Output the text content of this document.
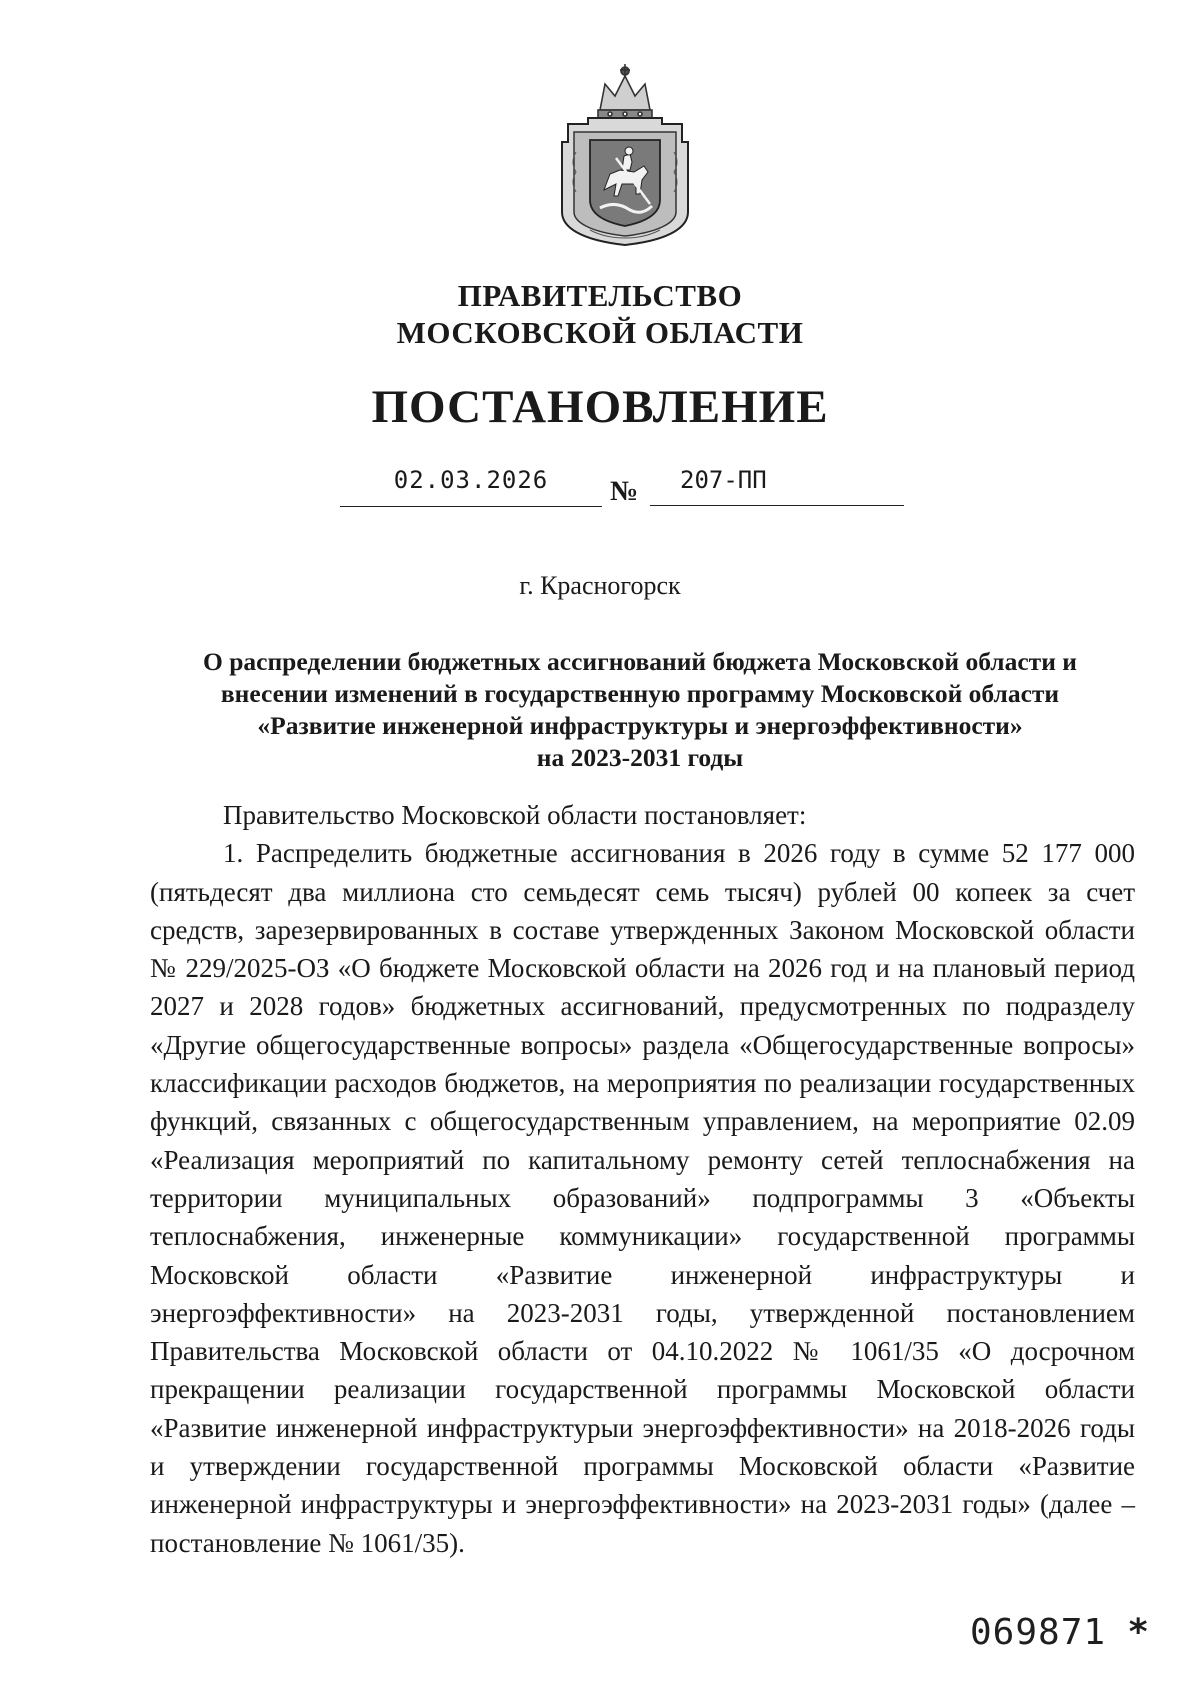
ПРАВИТЕЛЬСТВО
МОСКОВСКОЙ ОБЛАСТИ
ПОСТАНОВЛЕНИЕ
02.03.2026	№	207-ПП
г. Красногорск
О распределении бюджетных ассигнований бюджета Московской области и
внесении изменений в государственную программу Московской области
«Развитие инженерной инфраструктуры и энергоэффективности»
на 2023-2031 годы

Правительство Московской области постановляет:

1. Распределить бюджетные ассигнования в 2026 году в сумме 52 177 000 (пятьдесят два миллиона сто семьдесят семь тысяч) рублей 00 копеек за счет средств, зарезервированных в составе утвержденных Законом Московской области № 229/2025-ОЗ «О бюджете Московской области на 2026 год и на плановый период 2027 и 2028 годов» бюджетных ассигнований, предусмотренных по подразделу «Другие общегосударственные вопросы» раздела «Общегосударственные вопросы» классификации расходов бюджетов, на мероприятия по реализации государственных функций, связанных с общегосударственным управлением, на мероприятие 02.09 «Реализация мероприятий по капитальному ремонту сетей теплоснабжения на территории муниципальных образований» подпрограммы 3 «Объекты теплоснабжения, инженерные коммуникации» государственной программы Московской области «Развитие инженерной инфраструктуры и энергоэффективности» на 2023-2031 годы, утвержденной постановлением Правительства Московской области от 04.10.2022 № 1061/35 «О досрочном прекращении реализации государственной программы Московской области «Развитие инженерной инфраструктурыи энергоэффективности» на 2018-2026 годы и утверждении государственной программы Московской области «Развитие инженерной инфраструктуры и энергоэффективности» на 2023-2031 годы» (далее – постановление № 1061/35).

069871 *
